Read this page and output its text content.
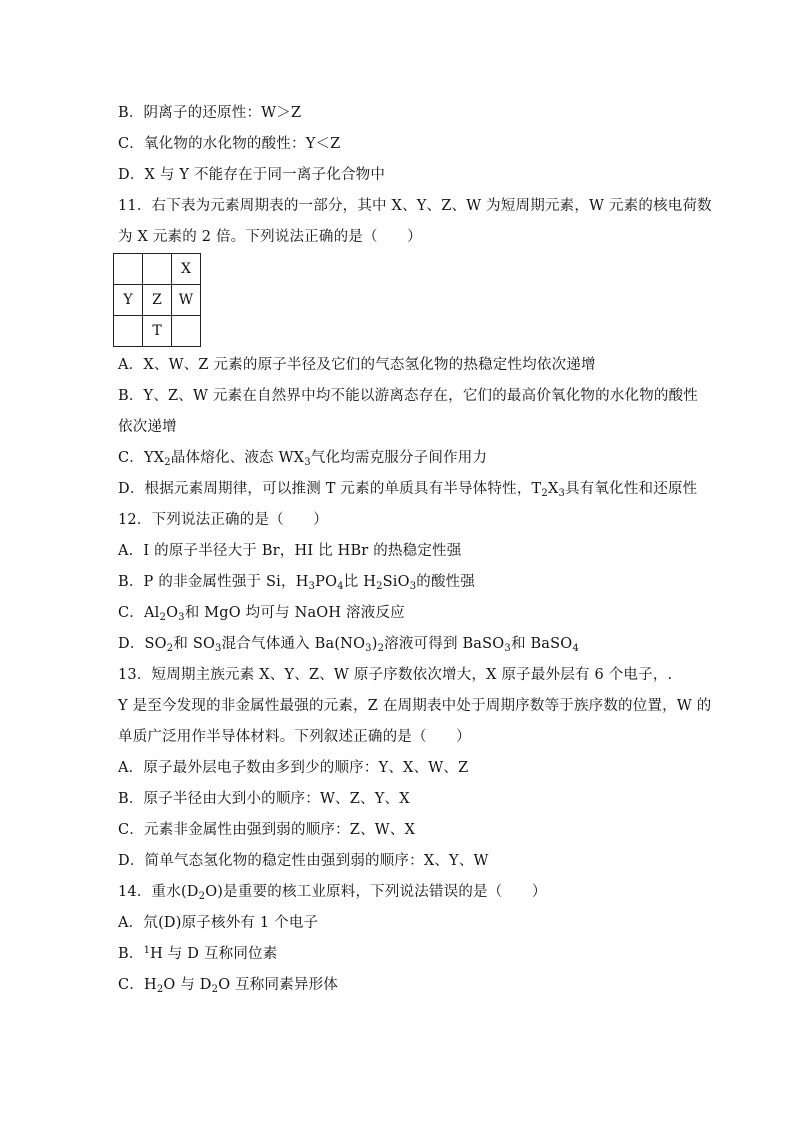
B．阴离子的还原性：W＞Z
C．氧化物的水化物的酸性：Y＜Z
D．X 与 Y 不能存在于同一离子化合物中
11．右下表为元素周期表的一部分，其中 X、Y、Z、W 为短周期元素，W 元素的核电荷数
为 X 元素的 2 倍。下列说法正确的是（　　）
		X
Y	Z	W
	T	
A．X、W、Z 元素的原子半径及它们的气态氢化物的热稳定性均依次递增
B．Y、Z、W 元素在自然界中均不能以游离态存在，它们的最高价氧化物的水化物的酸性
依次递增
C．$YX_2$晶体熔化、液态 $WX_3$气化均需克服分子间作用力
D．根据元素周期律，可以推测 T 元素的单质具有半导体特性，$T_2X_3$具有氧化性和还原性
12．下列说法正确的是（　　）
A．I 的原子半径大于 Br，HI 比 HBr 的热稳定性强
B．P 的非金属性强于 Si，$H_3PO_4$比 $H_2SiO_3$的酸性强
C．$Al_2O_3$和 MgO 均可与 NaOH 溶液反应
D．$SO_2$和 $SO_3$混合气体通入 $Ba(NO_3)_2$溶液可得到 BaSO$_3$和 BaSO$_4$
13．短周期主族元素 X、Y、Z、W 原子序数依次增大，X 原子最外层有 6 个电子，.
Y 是至今发现的非金属性最强的元素，Z 在周期表中处于周期序数等于族序数的位置，W 的
单质广泛用作半导体材料。下列叙述正确的是（　　）
A．原子最外层电子数由多到少的顺序：Y、X、W、Z
B．原子半径由大到小的顺序：W、Z、Y、X
C．元素非金属性由强到弱的顺序：Z、W、X
D．简单气态氢化物的稳定性由强到弱的顺序：X、Y、W
14．重水$(D_2O)$是重要的核工业原料，下列说法错误的是（　　）
A．氘(D)原子核外有 1 个电子
B．$^1$H 与 D 互称同位素
C．$H_2O$ 与 $D_2O$ 互称同素异形体
